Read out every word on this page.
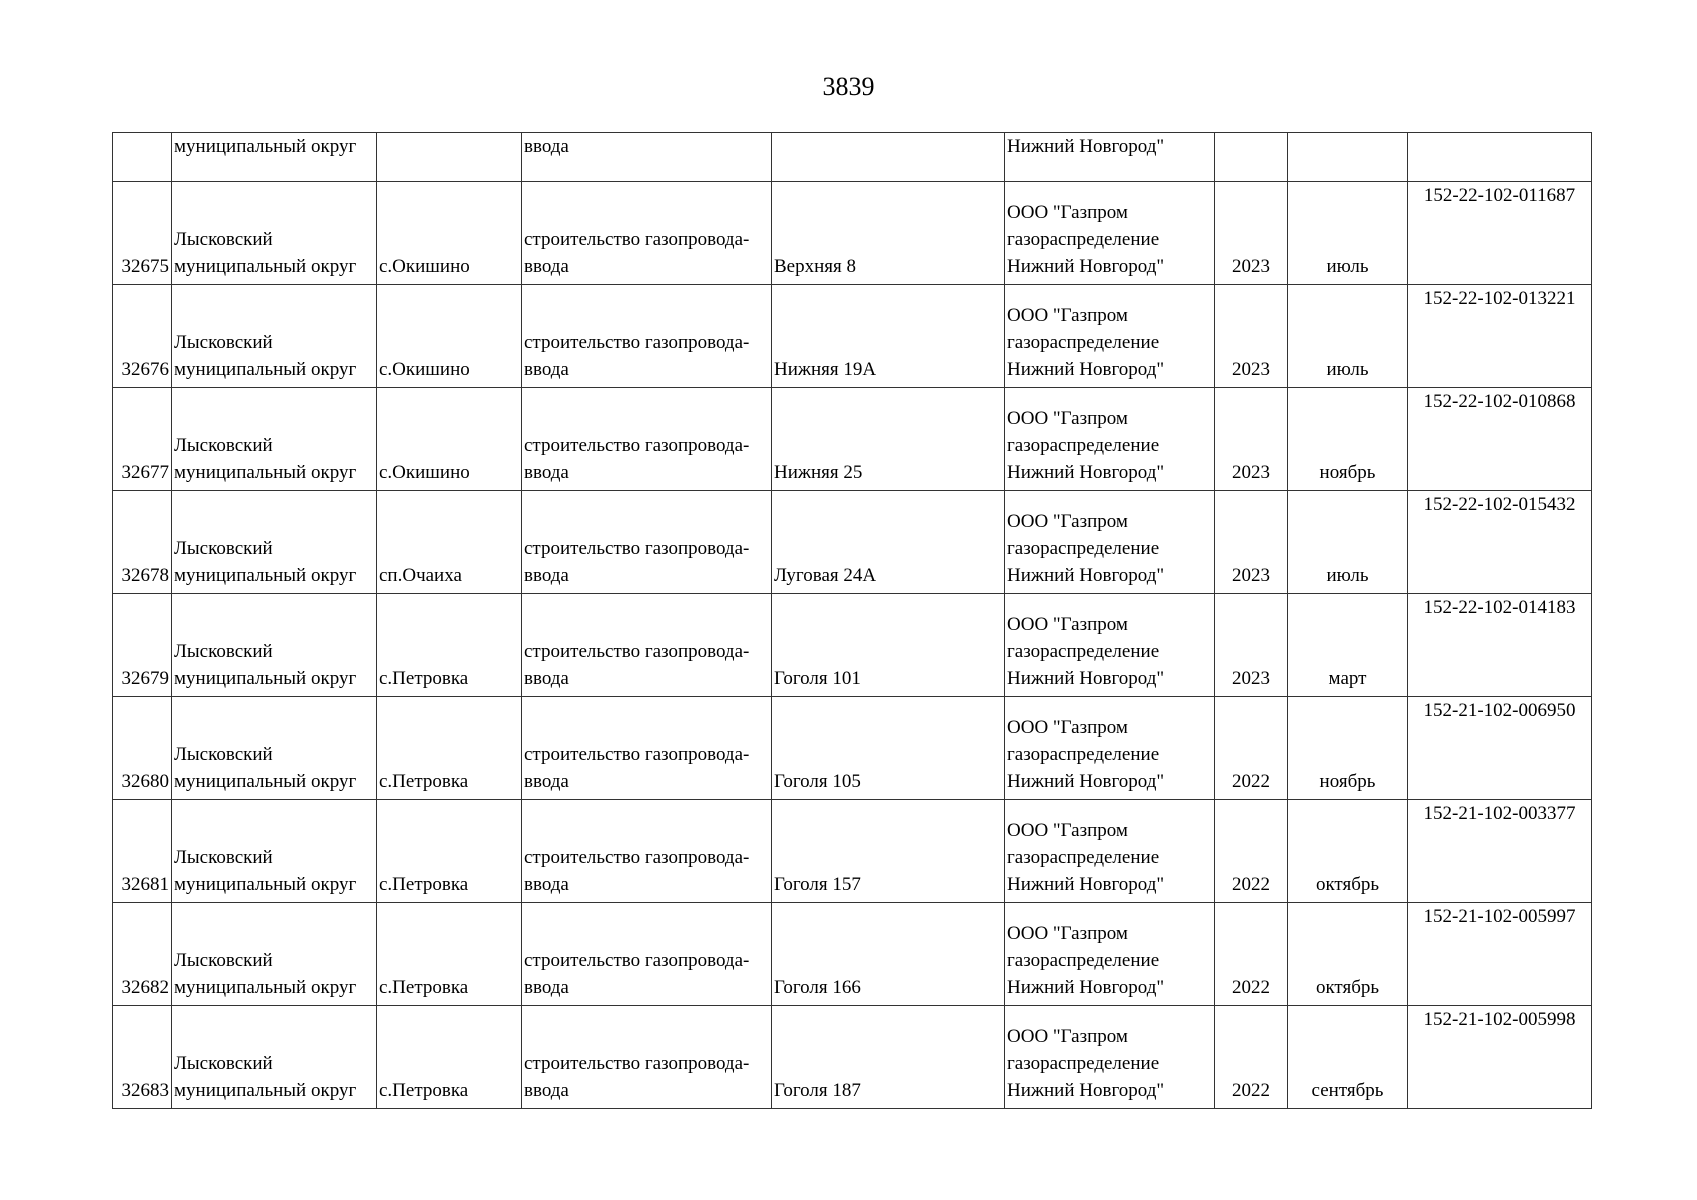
3839

	муниципальный округ		ввода		Нижний Новгород"			

32675	Лысковский
муниципальный округ	с.Окишино	строительство газопровода-
ввода	Верхняя 8	ООО "Газпром
газораспределение
Нижний Новгород"	2023	июль	152-22-102-011687

32676	Лысковский
муниципальный округ	с.Окишино	строительство газопровода-
ввода	Нижняя 19А	ООО "Газпром
газораспределение
Нижний Новгород"	2023	июль	152-22-102-013221

32677	Лысковский
муниципальный округ	с.Окишино	строительство газопровода-
ввода	Нижняя 25	ООО "Газпром
газораспределение
Нижний Новгород"	2023	ноябрь	152-22-102-010868

32678	Лысковский
муниципальный округ	сп.Очаиха	строительство газопровода-
ввода	Луговая 24А	ООО "Газпром
газораспределение
Нижний Новгород"	2023	июль	152-22-102-015432

32679	Лысковский
муниципальный округ	с.Петровка	строительство газопровода-
ввода	Гоголя 101	ООО "Газпром
газораспределение
Нижний Новгород"	2023	март	152-22-102-014183

32680	Лысковский
муниципальный округ	с.Петровка	строительство газопровода-
ввода	Гоголя 105	ООО "Газпром
газораспределение
Нижний Новгород"	2022	ноябрь	152-21-102-006950

32681	Лысковский
муниципальный округ	с.Петровка	строительство газопровода-
ввода	Гоголя 157	ООО "Газпром
газораспределение
Нижний Новгород"	2022	октябрь	152-21-102-003377

32682	Лысковский
муниципальный округ	с.Петровка	строительство газопровода-
ввода	Гоголя 166	ООО "Газпром
газораспределение
Нижний Новгород"	2022	октябрь	152-21-102-005997

32683	Лысковский
муниципальный округ	с.Петровка	строительство газопровода-
ввода	Гоголя 187	ООО "Газпром
газораспределение
Нижний Новгород"	2022	сентябрь	152-21-102-005998
